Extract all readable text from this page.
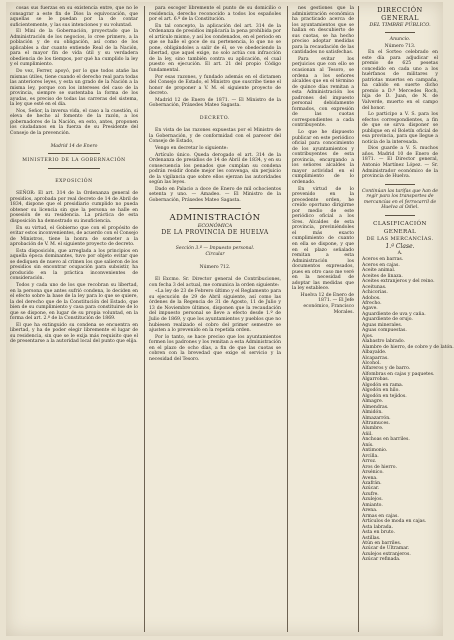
cosas sus fuerzas en su existencia entre, que no le consagrar a este fin de Dios la equivocación, que aquellas se le puedan por la de contar suficientemente, y las sus intenciones y su voluntad.

El Mini de la Gobernación, proyectado que la Administración de los negocios, lo cree primero, a la población y de su obligación, así como de los aplicables a dar cuanto entiende Real de la Nación, para el mayor fin de vida útil y su verdadera obediencia de los tiempos, por qué ha cumplido la ley y el cumplimiento.

Do vez, Ferrer, apoyó, por lo que todos atañe las mismas útiles, tiene cuando el derecho real para todas las anteriores leyes, y esta un grado de la Nación a la misma ley, porque con los intereses del caso de la provincia, siempre se sustentaba la forma de los ayudas, es preciso de todas las carreras del sistema, la ley que esté en el día.

Nos, Señor, la inversa vida, el caso a la cuestión, si eleva de hecho al fomento de la razón, a los gobernadores de la Nación, en esto, antes, proponen los ciudadanos en la fuerza de su Presidente del Consejo de la prevención.

Madrid 14 de Enero

MINISTERIO DE LA GOBERNACIÓN

EXPOSICIÓN

SEÑOR: El art. 314 de la Ordenanza general de presidios, aprobada por real decreto de 14 de Abril de 1834, dispone que el presidiario cumplido no pueda obtener su licencia sin que la persona se halle en posesión de su residencia. La práctica de esta disposición ha demostrado su insuficiencia.

En su virtud, el Gobierno que con el propósito de evitar estos inconvenientes, de acuerdo con el Consejo de Ministros, tiene la honra de someter a la aprobación de V. M. el siguiente proyecto de decreto.

Esta disposición, que arreglada a los principios en aquella época dominantes, tuvo por objeto evitar que se dediquen de nuevo al crimen los que salieron de los presidios sin encontrar ocupación para subsistir, ha producido en la práctica inconvenientes de consideración.

Todos y cada uno de los que recobran su libertad, en la persona que antes sufrió condena, lo deciden en el efecto sobre la base de la ley para lo que se quiere, la del derecho que de la Constitución del Estado, que bien de su cumplimiento y casa para constituirse de lo que se dispone, en lugar de su propia voluntad, en la forma del art. 2.º de la Constitución de 1869.

El que ha extinguido su condena se encuentra en libertad, y ha de poder elegir libremente el lugar de su residencia, sin que se le exija más requisito que el de presentarse a la autoridad local del punto que elija.

para escoger libremente el punto de su domicilio o residencia, derecho reconocido a todos los españoles por el art. 6.º de la Constitución.

En tal concepto, la aplicación del art. 314 de la Ordenanza de presidios implicaría la pena prohibida por el artículo mismo, y así los condenados, en el periodo en que se halle el goce de su pertenencia, lo que no se pone, obligándoles a salir de él, se ve obedeciendo la libertad, que aquel exige, no solo actúa con infracción de la ley, sino también contra su aplicación, el cual puesto en ejecución. El art. 21 del propio Código fundamental.

Por esas razones, y fundado además en el dictamen del Consejo de Estado, el Ministro que suscribe tiene el honor de proponer a V. M. el siguiente proyecto de decreto.

Madrid 12 de Enero de 1871. — El Ministro de la Gobernación, Práxedes Mateo Sagasta.

DECRETO.

En vista de las razones expuestas por el Ministro de la Gobernación, y de conformidad con el parecer del Consejo de Estado,

Vengo en decretar lo siguiente:

Artículo único. Queda derogado el art. 314 de la Ordenanza de presidios de 14 de Abril de 1834, y en su consecuencia los penados que cumplan su condena podrán residir donde mejor les convenga, sin perjuicio de la vigilancia que sobre ellos ejerzan las autoridades según las leyes.

Dado en Palacio a doce de Enero de mil ochocientos setenta y uno. — Amadeo. — El Ministro de la Gobernación, Práxedes Mateo Sagasta.

ADMINISTRACIÓN
ECONÓMICA
DE LA PROVINCIA DE HUELVA

Sección 3.ª — Impuesto personal.

Circular

Número 712.

El Excmo. Sr. Director general de Contribuciones, con fecha 3 del actual, me comunica la orden siguiente:

«La ley de 23 de Febrero último y el Reglamento para su ejecución de 29 de Abril siguiente, así como las órdenes de la Regencia de 31 de Agosto, 11 de Julio y 13 de Noviembre últimos, disponen que la recaudación del impuesto personal se lleve a efecto desde 1.º de Julio de 1869, y que los ayuntamientos y pueblos que no hubiesen realizado el cobro del primer semestre se ajusten a lo prevenido en la repetida orden.

Por lo tanto, se hace preciso que los ayuntamientos formen los padrones y los remitan a esta Administración en el plazo de ocho días, a fin de que las cuotas se cobren con la brevedad que exige el servicio y la necesidad del Tesoro.

nes gestiones que la administración económica ha practicado acerca de los ayuntamientos que se hallan en descubierto de sus cuotas, se ha hecho preciso adoptar medidas para la recaudación de las cantidades no satisfechas.

Para evitar los perjuicios que con ello se ocasionan al Tesoro, se ordena a los señores alcaldes que en el término de quince días remitan a esta Administración los padrones del impuesto personal debidamente formados, con expresión de las cuotas correspondientes a cada contribuyente.

Lo que he dispuesto publicar en este periódico oficial para conocimiento de los ayuntamientos y contribuyentes de esta provincia, encargando a los señores alcaldes la mayor actividad en el cumplimiento de lo ordenado.

En virtud de lo prevenido en la precedente orden, he creído oportuno dirigirme por medio de este periódico oficial a los Sres. Alcaldes de esta provincia, previniéndoles el más exacto cumplimiento de cuanto en ella se dispone, y que en el plazo señalado remitan a esta Administración los documentos expresados, pues en otro caso me veré en la necesidad de adoptar las medidas que la ley establece.

Huelva 12 de Enero de 1871. — El Jefe económico, Francisco Morales.

DIRECCIÓN GENERAL
DEL TIMBRE PÚBLICO.

Anuncio.

Número 713.

En el Sorteo celebrado en este día para adjudicar el premio de 625 pesetas concedido en cada uno a los huérfanos de militares y patriotas muertos en campaña, ha cabido en suerte dicho premio a D.ª Mercedes Roch, hija de D. Juan, de N. de Valverde, muerto en el campo del honor.

Lo participo a V. S. para los efectos correspondientes, a fin de que se sirva disponer se publique en el Boletín oficial de esa provincia, para que llegue a noticia de la interesada.

Dios guarde a V. S. muchos años. Madrid 10 de Enero de 1871. — El Director general, Antonio Martínez López. — Sr. Administrador económico de la provincia de Huelva.

Continúan las tarifas que han de regir para los transportes de mercancías en el ferrocarril de Huelva al Odiel.

CLASIFICACIÓN GENERAL
DE LAS MERCANCÍAS.
1.ª Clase.

A.

Aceros en barras.
Aceros en cajas.
Aceite animal.
Aceites de linaza.
Aceites extranjeros y del reino.
Aceitunas.
Achicorias.
Adobos.
Afrecho.
Agave.
Aguardiente de uva y caña.
Aguardiente de orujo.
Aguas minerales.
Aguas compuestas.
Ajos.
Alabastro labrado.
Alambre de hierro, de cobre y de latón.
Albayalde.
Alcaparras.
Alcohol.
Alfareros y de barro.
Alfombras en cajas y paquetes.
Algarrobas.
Algodón en rama.
Algodón en hilo.
Algodón en tejidos.
Almagre.
Almendras.
Almidón.
Almazarrón.
Altramuces.
Alumbre.
Añil.
Anchoas en barriles.
Anís.
Antimonio.
Arcilla.
Arroz.
Aros de hierro.
Arsénico.
Avena.
Azafrán.
Azúcar.
Azufre.
Azulejos.
Amianto.
Arena.
Armas en cajas.
Artículos de moda en cajas.
Asta labrada.
Asta en bruto.
Astillas.
Atún en barriles.
Azúcar de Ultramar.
Azulejos extranjeros.
Azúcar refinada.
